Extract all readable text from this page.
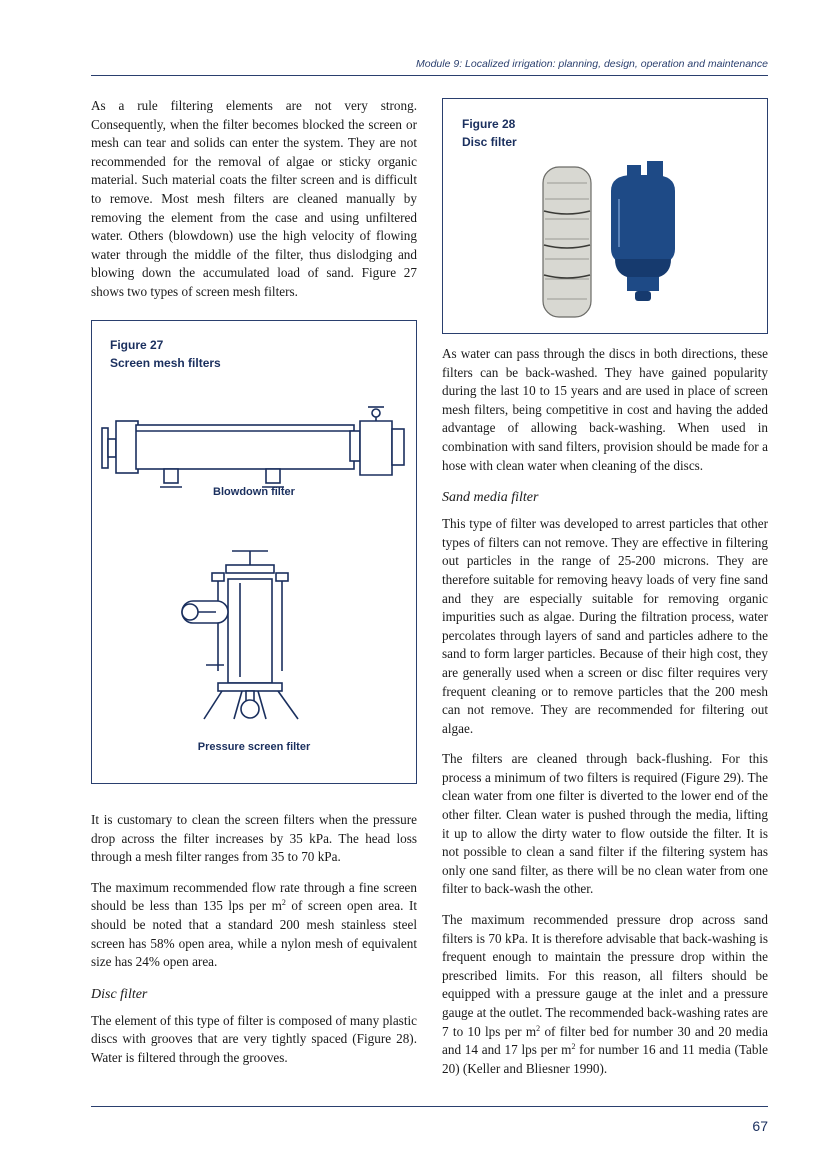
Module 9: Localized irrigation: planning, design, operation and maintenance

As a rule filtering elements are not very strong. Consequently, when the filter becomes blocked the screen or mesh can tear and solids can enter the system. They are not recommended for the removal of algae or sticky organic material. Such material coats the filter screen and is difficult to remove. Most mesh filters are cleaned manually by removing the element from the case and using unfiltered water. Others (blowdown) use the high velocity of flowing water through the middle of the filter, thus dislodging and blowing down the accumulated load of sand. Figure 27 shows two types of screen mesh filters.

Figure 27
Screen mesh filters
Blowdown filter
Pressure screen filter

It is customary to clean the screen filters when the pressure drop across the filter increases by 35 kPa. The head loss through a mesh filter ranges from 35 to 70 kPa.

The maximum recommended flow rate through a fine screen should be less than 135 lps per $m^2$ of screen open area. It should be noted that a standard 200 mesh stainless steel screen has 58% open area, while a nylon mesh of equivalent size has 24% open area.

Disc filter

The element of this type of filter is composed of many plastic discs with grooves that are very tightly spaced (Figure 28). Water is filtered through the grooves.

Figure 28
Disc filter

As water can pass through the discs in both directions, these filters can be back-washed. They have gained popularity during the last 10 to 15 years and are used in place of screen mesh filters, being competitive in cost and having the added advantage of allowing back-washing. When used in combination with sand filters, provision should be made for a hose with clean water when cleaning of the discs.

Sand media filter

This type of filter was developed to arrest particles that other types of filters can not remove. They are effective in filtering out particles in the range of 25-200 microns. They are therefore suitable for removing heavy loads of very fine sand and they are especially suitable for removing organic impurities such as algae. During the filtration process, water percolates through layers of sand and particles adhere to the sand to form larger particles. Because of their high cost, they are generally used when a screen or disc filter requires very frequent cleaning or to remove particles that the 200 mesh can not remove. They are recommended for filtering out algae.

The filters are cleaned through back-flushing. For this process a minimum of two filters is required (Figure 29). The clean water from one filter is diverted to the lower end of the other filter. Clean water is pushed through the media, lifting it up to allow the dirty water to flow outside the filter. It is not possible to clean a sand filter if the filtering system has only one sand filter, as there will be no clean water from one filter to back-wash the other.

The maximum recommended pressure drop across sand filters is 70 kPa. It is therefore advisable that back-washing is frequent enough to maintain the pressure drop within the prescribed limits. For this reason, all filters should be equipped with a pressure gauge at the inlet and a pressure gauge at the outlet. The recommended back-washing rates are 7 to 10 lps per $m^2$ of filter bed for number 30 and 20 media and 14 and 17 lps per $m^2$ for number 16 and 11 media (Table 20) (Keller and Bliesner 1990).

67
